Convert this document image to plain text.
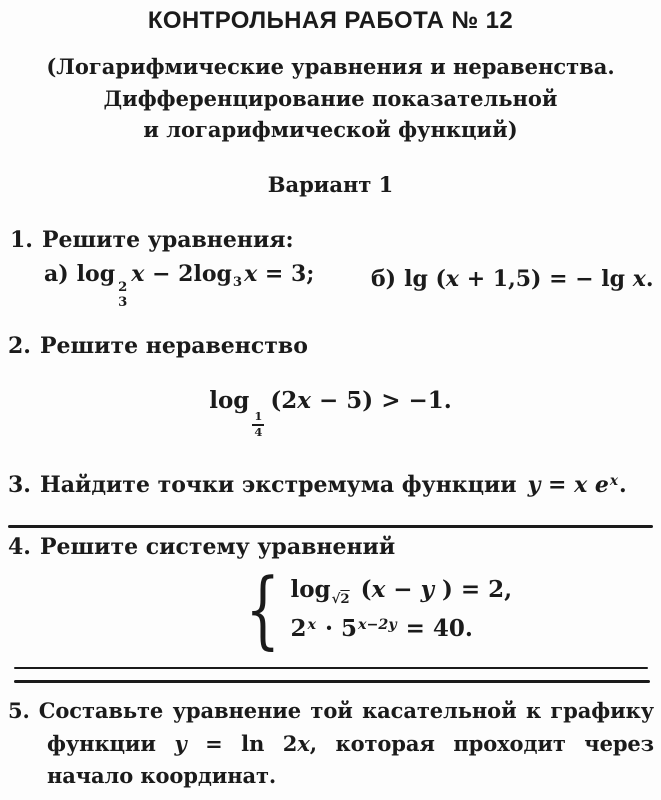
КОНТРОЛЬНАЯ РАБОТА № 12
(Логарифмические уравнения и неравенства.
Дифференцирование показательной
и логарифмической функций)
Вариант 1
1. Решите уравнения:
а) log
2
3
$x - 2\log_3x = 3$;	б) lg (x + 1,5) = − lg x.
2. Решите неравенство
log
$\frac{1}{4}$
(2x − 5) > −1.
3. Найдите точки экстремума функции y = x $e^x$.
4. Решите систему уравнений
{ $\log_{√2} (x - y$ ) = 2,
$2^x \cdot 5^{x-2y} = 40$.
5. Составьте уравнение той касательной к графику функции y = ln 2x, которая проходит через начало координат.
